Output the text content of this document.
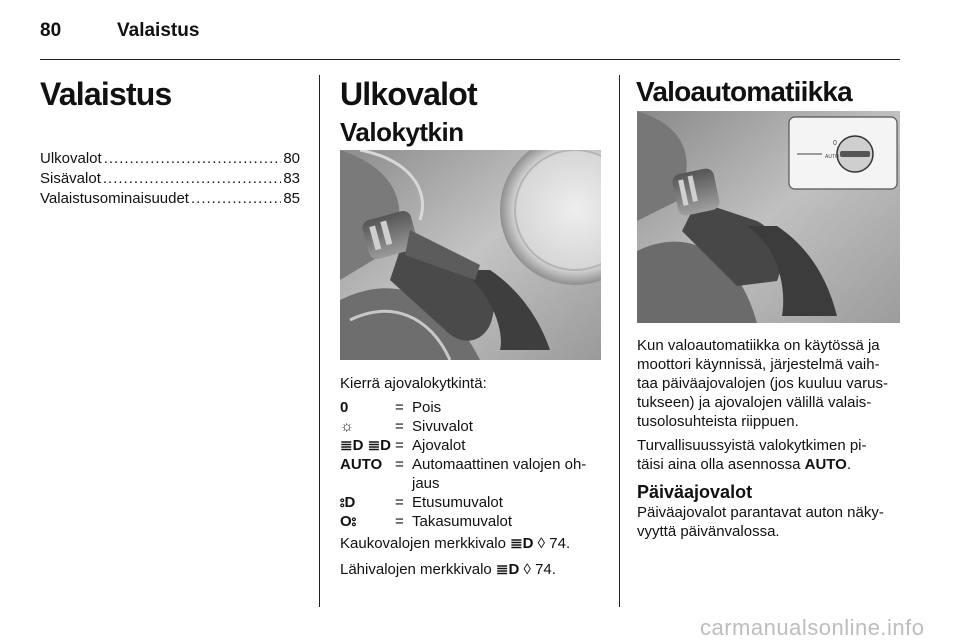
80	Valaistus
Valaistus
Ulkovalot .....	80
Sisävalot .....	83
Valaistusominaisuudet .....	85
Ulkovalot
Valokytkin
Kierrä ajovalokytkintä:
0	= Pois
☼	= Sivuvalot
≣D ≣D = Ajovalot
AUTO = Automaattinen valojen oh-
jaus
⦂D	= Etusumuvalot
O⦂	= Takasumuvalot
Kaukovalojen merkkivalo ≣D ◊ 74.
Lähivalojen merkkivalo ≣D ◊ 74.
Valoautomatiikka
0
AUTO
Kun valoautomatiikka on käytössä ja
moottori käynnissä, järjestelmä vaih-
taa päiväajovalojen (jos kuuluu varus-
tukseen) ja ajovalojen välillä valais-
tusolosuhteista riippuen.
Turvallisuussyistä valokytkimen pi-
täisi aina olla asennossa AUTO.
Päiväajovalot
Päiväajovalot parantavat auton näky-
vyyttä päivänvalossa.
carmanualsonline.info
